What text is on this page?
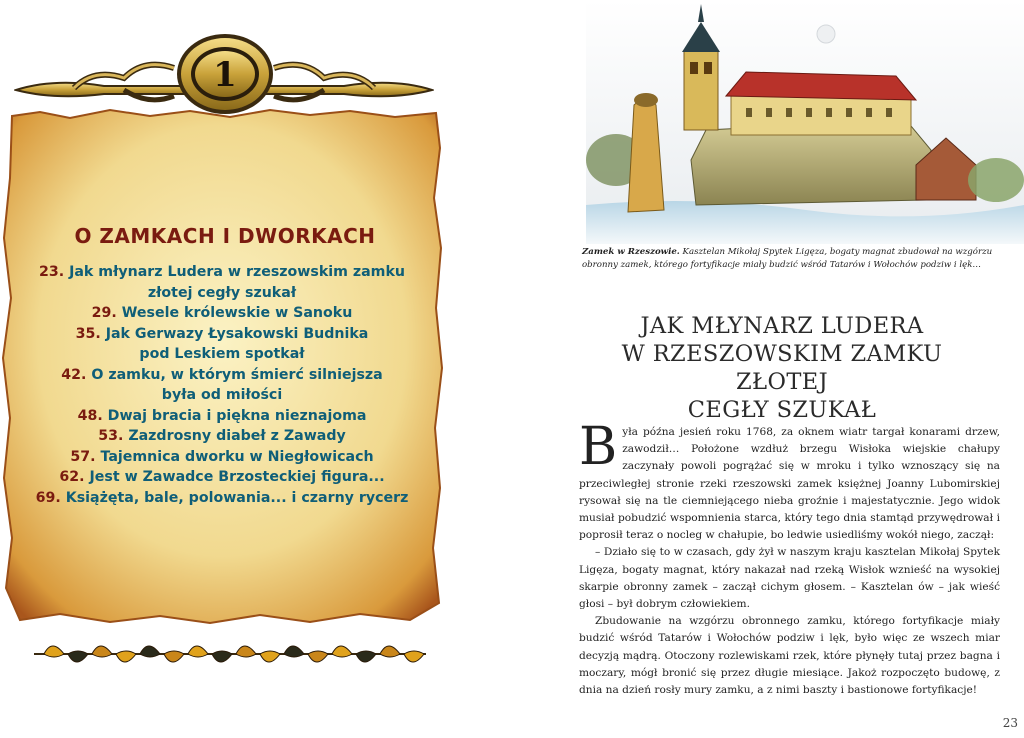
1
O ZAMKACH I DWORKACH
23. Jak młynarz Ludera w rzeszowskim zamku
złotej cegły szukał
29. Wesele królewskie w Sanoku
35. Jak Gerwazy Łysakowski Budnika
pod Leskiem spotkał
42. O zamku, w którym śmierć silniejsza
była od miłości
48. Dwaj bracia i piękna nieznajoma
53. Zazdrosny diabeł z Zawady
57. Tajemnica dworku w Niegłowicach
62. Jest w Zawadce Brzosteckiej figura...
69. Książęta, bale, polowania... i czarny rycerz
Zamek w Rzeszowie. Kasztelan Mikołaj Spytek Ligęza, bogaty magnat zbudował na wzgórzu obronny zamek, którego fortyfikacje miały budzić wśród Tatarów i Wołochów podziw i lęk…
JAK MŁYNARZ LUDERA
W RZESZOWSKIM ZAMKU ZŁOTEJ
CEGŁY SZUKAŁ

Była późna jesień roku 1768, za oknem wiatr targał konarami drzew, zawodził… Położone wzdłuż brzegu Wisłoka wiejskie chałupy zaczynały powoli pogrążać się w mroku i tylko wznoszący się na przeciwległej stronie rzeki rzeszowski zamek księżnej Joanny Lubomirskiej rysował się na tle ciemniejącego nieba groźnie i majestatycznie. Jego widok musiał pobudzić wspomnienia starca, który tego dnia stamtąd przywędrował i poprosił teraz o nocleg w chałupie, bo ledwie usiedliśmy wokół niego, zaczął:

– Działo się to w czasach, gdy żył w naszym kraju kasztelan Mikołaj Spytek Ligęza, bogaty magnat, który nakazał nad rzeką Wisłok wznieść na wysokiej skarpie obronny zamek – zaczął cichym głosem. – Kasztelan ów – jak wieść głosi – był dobrym człowiekiem.

Zbudowanie na wzgórzu obronnego zamku, którego fortyfikacje miały budzić wśród Tatarów i Wołochów podziw i lęk, było więc ze wszech miar decyzją mądrą. Otoczony rozlewiskami rzek, które płynęły tutaj przez bagna i moczary, mógł bronić się przez długie miesiące. Jakoż rozpoczęto budowę, z dnia na dzień rosły mury zamku, a z nimi baszty i bastionowe fortyfikacje!

23
